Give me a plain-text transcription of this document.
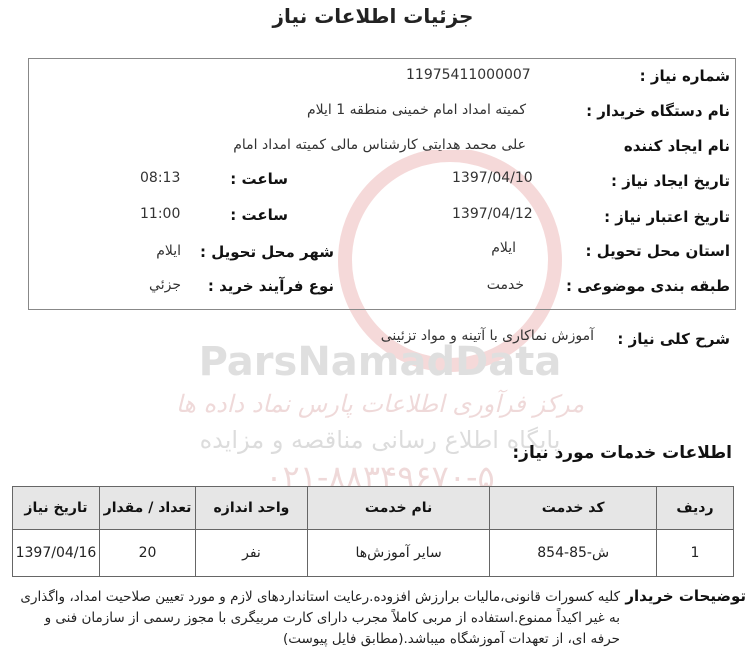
جزئیات اطلاعات نیاز
ParsNamadData
مرکز فرآوری اطلاعات پارس نماد داده ها
پایگاه اطلاع رسانی مناقصه و مزایده
۰۲۱-۸۸۳۴۹۶۷۰-۵
شماره نیاز :
11975411000007
نام دستگاه خریدار :
کمیته امداد امام خمینی منطقه 1 ایلام
نام ایجاد کننده
علی محمد هدایتی کارشناس مالی کمیته امداد امام
تاریخ ایجاد نیاز :
1397/04/10
ساعت :
08:13
تاریخ اعتبار نیاز :
1397/04/12
ساعت :
11:00
استان محل تحویل :
ایلام
شهر محل تحویل :
ایلام
طبقه بندی موضوعی :
خدمت
نوع فرآیند خرید :
جزئي
شرح کلی نیاز :
آموزش نماکاری با آتینه و مواد تزئینی
اطلاعات خدمات مورد نیاز:
ردیف	کد خدمت	نام خدمت	واحد اندازه	تعداد / مقدار	تاریخ نیاز
1	ش-85-854	سایر آموزش‌ها	نفر	20	1397/04/16
توضیحات خریدار
کلیه کسورات قانونی،مالیات برارزش افزوده.رعایت استانداردهای لازم و مورد تعیین صلاحیت امداد، واگذاری به غیر اکیداً ممنوع.استفاده از مربی کاملاً مجرب دارای کارت مربیگری با مجوز رسمی از سازمان فنی و حرفه ای، از تعهدات آموزشگاه میباشد.(مطابق فایل پیوست)
